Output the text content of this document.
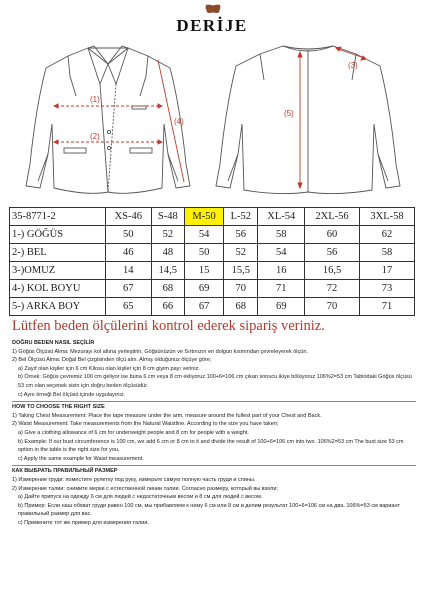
DERİJE
(1)
(2)
(4)
(3)
(5)
35-8771-2	XS-46	S-48	M-50	L-52	XL-54	2XL-56	3XL-58
1-) GÖĞÜS	50	52	54	56	58	60	62
2-) BEL	46	48	50	52	54	56	58
3-)OMUZ	14	14,5	15	15,5	16	16,5	17
4-) KOL BOYU	67	68	69	70	71	72	73
5-) ARKA BOY	65	66	67	68	69	70	71
Lütfen beden ölçülerini kontrol ederek sipariş veriniz.

DOĞRU BEDEN NASIL SEÇİLİR

1) Göğüs Ölçüsü Alma: Mezurayı kol altına yerleştirin, Göğsünüzün ve Sırtınızın en dolgun kısmından çevreleyerek ölçün.

2) Bel Ölçüsü Alma: Doğal Bel çizgisinden ölçü alın. Almış olduğunuz ölçüye göre;

a) Zayıf olan kişiler için 6 cm Kilosu olan kişiler için 8 cm giyim payı veriniz.

b) Örnek: Göğüs çevremiz 100 cm geliyor ise buna 6 cm veya 8 cm ekliyoruz 100+6=106 cm çıkan sonucu ikiye bölüyoruz 106%2=53 cm Tablodaki Göğüs ölçüsü 53 cm olan seçenek sizin için doğru beden ölçüsüdür.

c) Aynı örneği Bel ölçüsü içinde uygulayınız.

HOW TO CHOOSE THE RIGHT SIZE

1) Taking Chest Measurement: Place the tape measure under the arm, measure around the fullest part of your Chest and Back.

2) Waist Measurement: Take measurements from the Natural Waistline. According to the size you have taken;

a) Give a clothing allowance of 6 cm for underweight people and 8 cm for people with a weight.

b) Example: If our bust circumference is 100 cm, we add 6 cm or 8 cm to it and divide the result of 100+6=106 cm into two. 106%2=53 cm The bust size 53 cm option in the table is the right size for you.

c) Apply the same example for Waist measurement.

КАК ВЫБРАТЬ ПРАВИЛЬНЫЙ РАЗМЕР

1) Измерение груди: поместите рулетку под руку, измерьте самую полную часть груди и спины.

2) Измерение талии: снимите мерки с естественной линии талии. Согласно размеру, который вы взяли;

а) Дайте припуск на одежду 6 см для людей с недостаточным весом и 8 см для людей с весом.

b) Пример: Если наш обхват груди равен 100 см, мы прибавляем к нему 6 см или 8 см и делим результат 100+6=106 см на два. 106%=53 см вариант правильный размер для вас.

c) Примените тот же пример для измерения талии.
